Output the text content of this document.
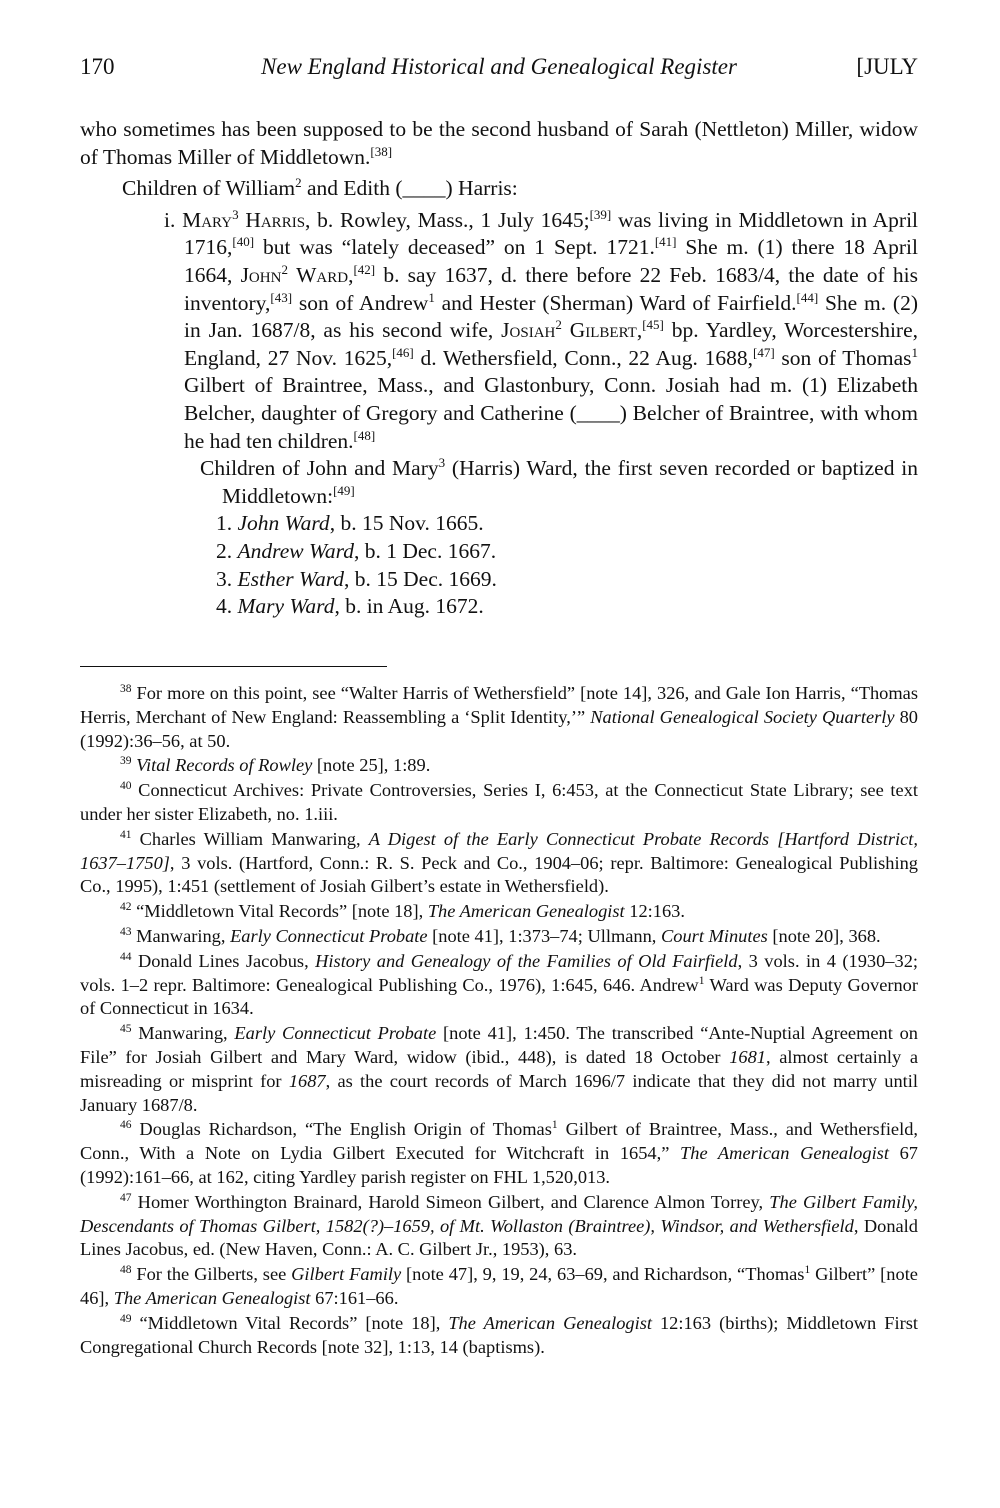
170	New England Historical and Genealogical Register	[JULY

who sometimes has been supposed to be the second husband of Sarah (Nettleton) Miller, widow of Thomas Miller of Middletown.[38]

Children of William$^2$ and Edith (____) Harris:

i. Mary$^3$ Harris, b. Rowley, Mass., 1 July 1645;[39] was living in Middletown in April 1716,[40] but was “lately deceased” on 1 Sept. 1721.[41] She m. (1) there 18 April 1664, John$^2$ Ward,[42] b. say 1637, d. there before 22 Feb. 1683/4, the date of his inventory,[43] son of Andrew$^1$ and Hester (Sherman) Ward of Fairfield.[44] She m. (2) in Jan. 1687/8, as his second wife, Josiah$^2$ Gilbert,[45] bp. Yardley, Worcestershire, England, 27 Nov. 1625,[46] d. Wethersfield, Conn., 22 Aug. 1688,[47] son of Thomas$^1$ Gilbert of Braintree, Mass., and Glastonbury, Conn. Josiah had m. (1) Elizabeth Belcher, daughter of Gregory and Catherine (____) Belcher of Braintree, with whom he had ten children.[48]

Children of John and Mary$^3$ (Harris) Ward, the first seven recorded or baptized in Middletown:[49]

1. John Ward, b. 15 Nov. 1665.

2. Andrew Ward, b. 1 Dec. 1667.

3. Esther Ward, b. 15 Dec. 1669.

4. Mary Ward, b. in Aug. 1672.

$^{38}$ For more on this point, see “Walter Harris of Wethersfield” [note 14], 326, and Gale Ion Harris, “Thomas Herris, Merchant of New England: Reassembling a ‘Split Identity,’” National Genealogical Society Quarterly 80 (1992):36–56, at 50.

$^{39}$ Vital Records of Rowley [note 25], 1:89.

$^{40}$ Connecticut Archives: Private Controversies, Series I, 6:453, at the Connecticut State Library; see text under her sister Elizabeth, no. 1.iii.

$^{41}$ Charles William Manwaring, A Digest of the Early Connecticut Probate Records [Hartford District, 1637–1750], 3 vols. (Hartford, Conn.: R. S. Peck and Co., 1904–06; repr. Baltimore: Genealogical Publishing Co., 1995), 1:451 (settlement of Josiah Gilbert’s estate in Wethersfield).

$^{42}$ “Middletown Vital Records” [note 18], The American Genealogist 12:163.

$^{43}$ Manwaring, Early Connecticut Probate [note 41], 1:373–74; Ullmann, Court Minutes [note 20], 368.

$^{44}$ Donald Lines Jacobus, History and Genealogy of the Families of Old Fairfield, 3 vols. in 4 (1930–32; vols. 1–2 repr. Baltimore: Genealogical Publishing Co., 1976), 1:645, 646. Andrew$^1$ Ward was Deputy Governor of Connecticut in 1634.

$^{45}$ Manwaring, Early Connecticut Probate [note 41], 1:450. The transcribed “Ante-Nuptial Agreement on File” for Josiah Gilbert and Mary Ward, widow (ibid., 448), is dated 18 October 1681, almost certainly a misreading or misprint for 1687, as the court records of March 1696/7 indicate that they did not marry until January 1687/8.

$^{46}$ Douglas Richardson, “The English Origin of Thomas$^1$ Gilbert of Braintree, Mass., and Wethersfield, Conn., With a Note on Lydia Gilbert Executed for Witchcraft in 1654,” The American Genealogist 67 (1992):161–66, at 162, citing Yardley parish register on FHL 1,520,013.

$^{47}$ Homer Worthington Brainard, Harold Simeon Gilbert, and Clarence Almon Torrey, The Gilbert Family, Descendants of Thomas Gilbert, 1582(?)–1659, of Mt. Wollaston (Braintree), Windsor, and Wethersfield, Donald Lines Jacobus, ed. (New Haven, Conn.: A. C. Gilbert Jr., 1953), 63.

$^{48}$ For the Gilberts, see Gilbert Family [note 47], 9, 19, 24, 63–69, and Richardson, “Thomas$^1$ Gilbert” [note 46], The American Genealogist 67:161–66.

$^{49}$ “Middletown Vital Records” [note 18], The American Genealogist 12:163 (births); Middletown First Congregational Church Records [note 32], 1:13, 14 (baptisms).
